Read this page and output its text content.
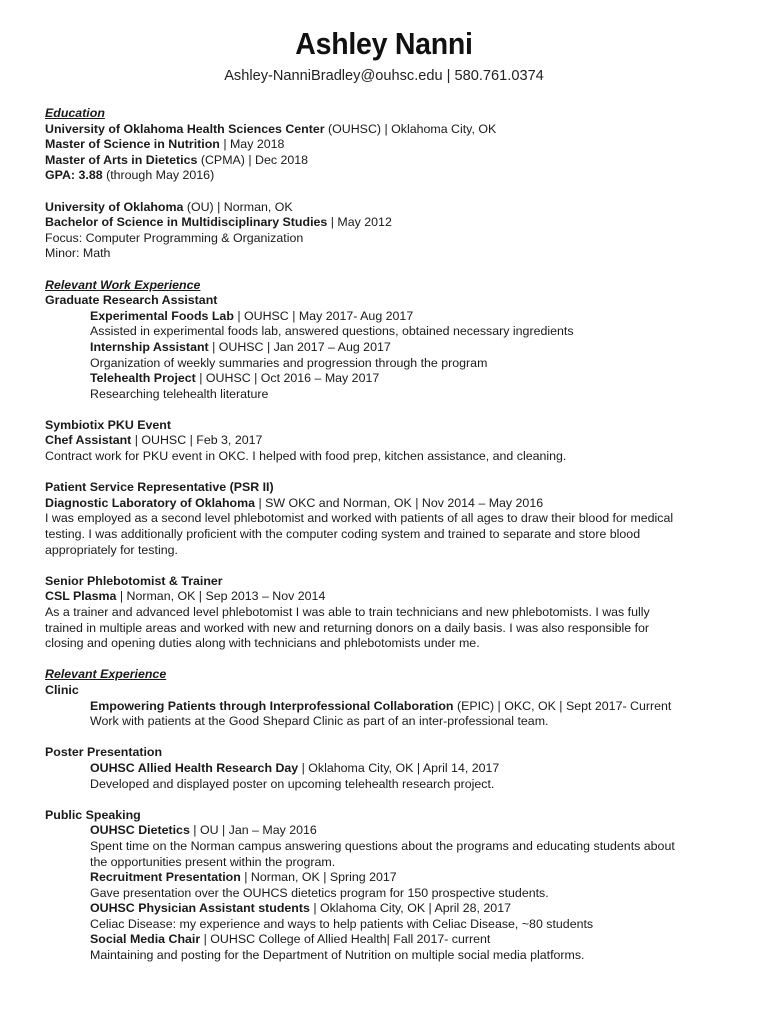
Ashley Nanni
Ashley-NanniBradley@ouhsc.edu | 580.761.0374
Education
University of Oklahoma Health Sciences Center (OUHSC) | Oklahoma City, OK
Master of Science in Nutrition | May 2018
Master of Arts in Dietetics (CPMA) | Dec 2018
GPA: 3.88 (through May 2016)
University of Oklahoma (OU) | Norman, OK
Bachelor of Science in Multidisciplinary Studies | May 2012
Focus: Computer Programming & Organization
Minor: Math
Relevant Work Experience
Graduate Research Assistant
Experimental Foods Lab | OUHSC | May 2017- Aug 2017
Assisted in experimental foods lab, answered questions, obtained necessary ingredients
Internship Assistant | OUHSC | Jan 2017 – Aug 2017
Organization of weekly summaries and progression through the program
Telehealth Project | OUHSC | Oct 2016 – May 2017
Researching telehealth literature
Symbiotix PKU Event
Chef Assistant | OUHSC | Feb 3, 2017
Contract work for PKU event in OKC. I helped with food prep, kitchen assistance, and cleaning.
Patient Service Representative (PSR II)
Diagnostic Laboratory of Oklahoma | SW OKC and Norman, OK | Nov 2014 – May 2016
I was employed as a second level phlebotomist and worked with patients of all ages to draw their blood for medical
testing. I was additionally proficient with the computer coding system and trained to separate and store blood
appropriately for testing.
Senior Phlebotomist & Trainer
CSL Plasma | Norman, OK | Sep 2013 – Nov 2014
As a trainer and advanced level phlebotomist I was able to train technicians and new phlebotomists. I was fully
trained in multiple areas and worked with new and returning donors on a daily basis. I was also responsible for
closing and opening duties along with technicians and phlebotomists under me.
Relevant Experience
Clinic
Empowering Patients through Interprofessional Collaboration (EPIC) | OKC, OK | Sept 2017- Current
Work with patients at the Good Shepard Clinic as part of an inter-professional team.
Poster Presentation
OUHSC Allied Health Research Day | Oklahoma City, OK | April 14, 2017
Developed and displayed poster on upcoming telehealth research project.
Public Speaking
OUHSC Dietetics | OU | Jan – May 2016
Spent time on the Norman campus answering questions about the programs and educating students about
the opportunities present within the program.
Recruitment Presentation | Norman, OK | Spring 2017
Gave presentation over the OUHCS dietetics program for 150 prospective students.
OUHSC Physician Assistant students | Oklahoma City, OK | April 28, 2017
Celiac Disease: my experience and ways to help patients with Celiac Disease, ~80 students
Social Media Chair | OUHSC College of Allied Health| Fall 2017- current
Maintaining and posting for the Department of Nutrition on multiple social media platforms.
